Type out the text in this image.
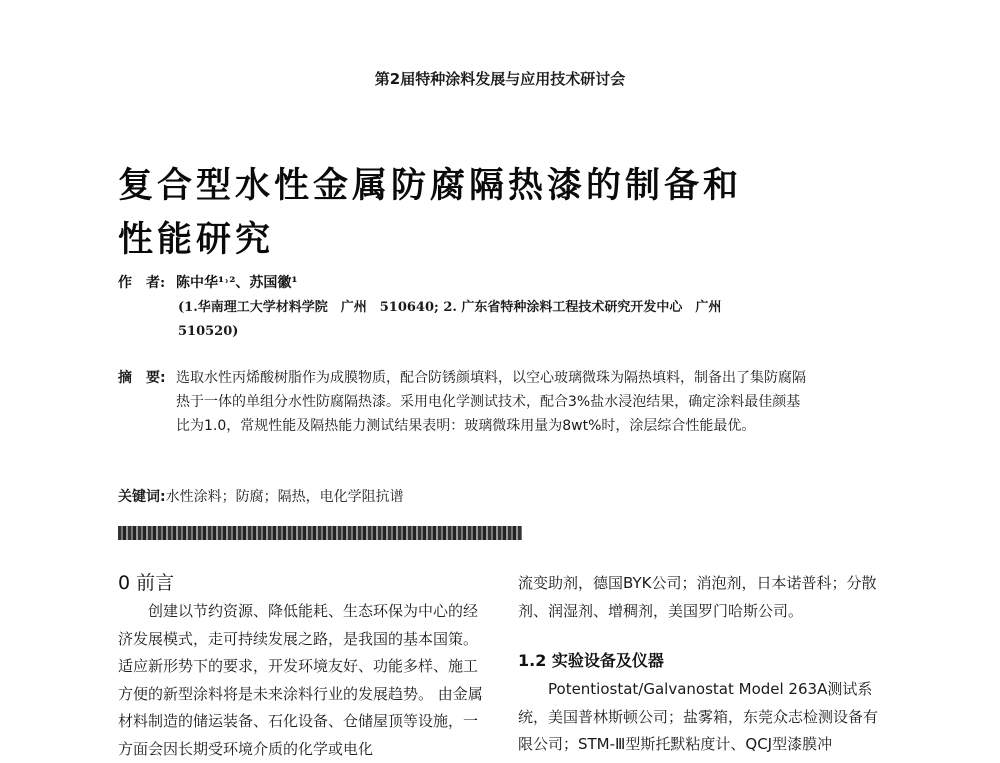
第2届特种涂料发展与应用技术研讨会
复合型水性金属防腐隔热漆的制备和
性能研究
作　者: 陈中华¹˒²、苏国徽¹
(1.华南理工大学材料学院　广州　510640; 2. 广东省特种涂料工程技术研究开发中心　广州
510520)
摘　要: 选取水性丙烯酸树脂作为成膜物质，配合防锈颜填料，以空心玻璃微珠为隔热填料，制备出了集防腐隔热于一体的单组分水性防腐隔热漆。采用电化学测试技术，配合3%盐水浸泡结果，确定涂料最佳颜基比为1.0，常规性能及隔热能力测试结果表明：玻璃微珠用量为8wt%时，涂层综合性能最优。
关键词:水性涂料；防腐；隔热，电化学阻抗谱
0 前言

创建以节约资源、降低能耗、生态环保为中心的经济发展模式，走可持续发展之路，是我国的基本国策。适应新形势下的要求，开发环境友好、功能多样、施工方便的新型涂料将是未来涂料行业的发展趋势。 由金属材料制造的储运装备、石化设备、仓储屋顶等设施，一方面会因长期受环境介质的化学或电化

流变助剂，德国BYK公司；消泡剂，日本诺普科；分散剂、润湿剂、增稠剂，美国罗门哈斯公司。

1.2 实验设备及仪器

Potentiostat/Galvanostat Model 263A测试系统，美国普林斯顿公司；盐雾箱，东莞众志检测设备有限公司；STM-Ⅲ型斯托默粘度计、QCJ型漆膜冲
